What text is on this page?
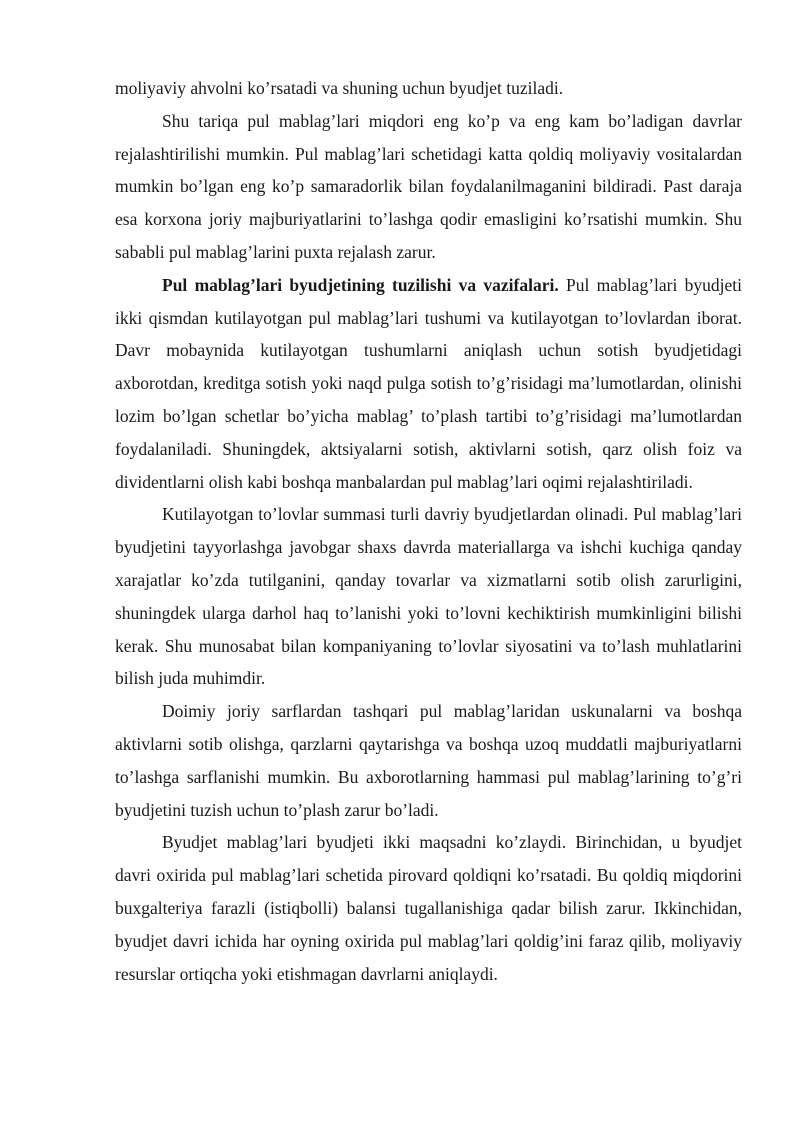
moliyaviy ahvolni ko’rsatadi va shuning uchun byudjet tuziladi.

Shu tariqa pul mablag’lari miqdori eng ko’p va eng kam bo’ladigan davrlar rejalashtirilishi mumkin. Pul mablag’lari schetidagi katta qoldiq moliyaviy vositalardan mumkin bo’lgan eng ko’p samaradorlik bilan foydalanilmaganini bildiradi. Past daraja esa korxona joriy majburiyatlarini to’lashga qodir emasligini ko’rsatishi mumkin. Shu sababli pul mablag’larini puxta rejalash zarur.

Pul mablag’lari byudjetining tuzilishi va vazifalari. Pul mablag’lari byudjeti ikki qismdan kutilayotgan pul mablag’lari tushumi va kutilayotgan to’lovlardan iborat. Davr mobaynida kutilayotgan tushumlarni aniqlash uchun sotish byudjetidagi axborotdan, kreditga sotish yoki naqd pulga sotish to’g’risidagi ma’lumotlardan, olinishi lozim bo’lgan schetlar bo’yicha mablag’ to’plash tartibi to’g’risidagi ma’lumotlardan foydalaniladi. Shuningdek, aktsiyalarni sotish, aktivlarni sotish, qarz olish foiz va dividentlarni olish kabi boshqa manbalardan pul mablag’lari oqimi rejalashtiriladi.

Kutilayotgan to’lovlar summasi turli davriy byudjetlardan olinadi. Pul mablag’lari byudjetini tayyorlashga javobgar shaxs davrda materiallarga va ishchi kuchiga qanday xarajatlar ko’zda tutilganini, qanday tovarlar va xizmatlarni sotib olish zarurligini, shuningdek ularga darhol haq to’lanishi yoki to’lovni kechiktirish mumkinligini bilishi kerak. Shu munosabat bilan kompaniyaning to’lovlar siyosatini va to’lash muhlatlarini bilish juda muhimdir.

Doimiy joriy sarflardan tashqari pul mablag’laridan uskunalarni va boshqa aktivlarni sotib olishga, qarzlarni qaytarishga va boshqa uzoq muddatli majburiyatlarni to’lashga sarflanishi mumkin. Bu axborotlarning hammasi pul mablag’larining to’g’ri byudjetini tuzish uchun to’plash zarur bo’ladi.

Byudjet mablag’lari byudjeti ikki maqsadni ko’zlaydi. Birinchidan, u byudjet davri oxirida pul mablag’lari schetida pirovard qoldiqni ko’rsatadi. Bu qoldiq miqdorini buxgalteriya farazli (istiqbolli) balansi tugallanishiga qadar bilish zarur. Ikkinchidan, byudjet davri ichida har oyning oxirida pul mablag’lari qoldig’ini faraz qilib, moliyaviy resurslar ortiqcha yoki etishmagan davrlarni aniqlaydi.
